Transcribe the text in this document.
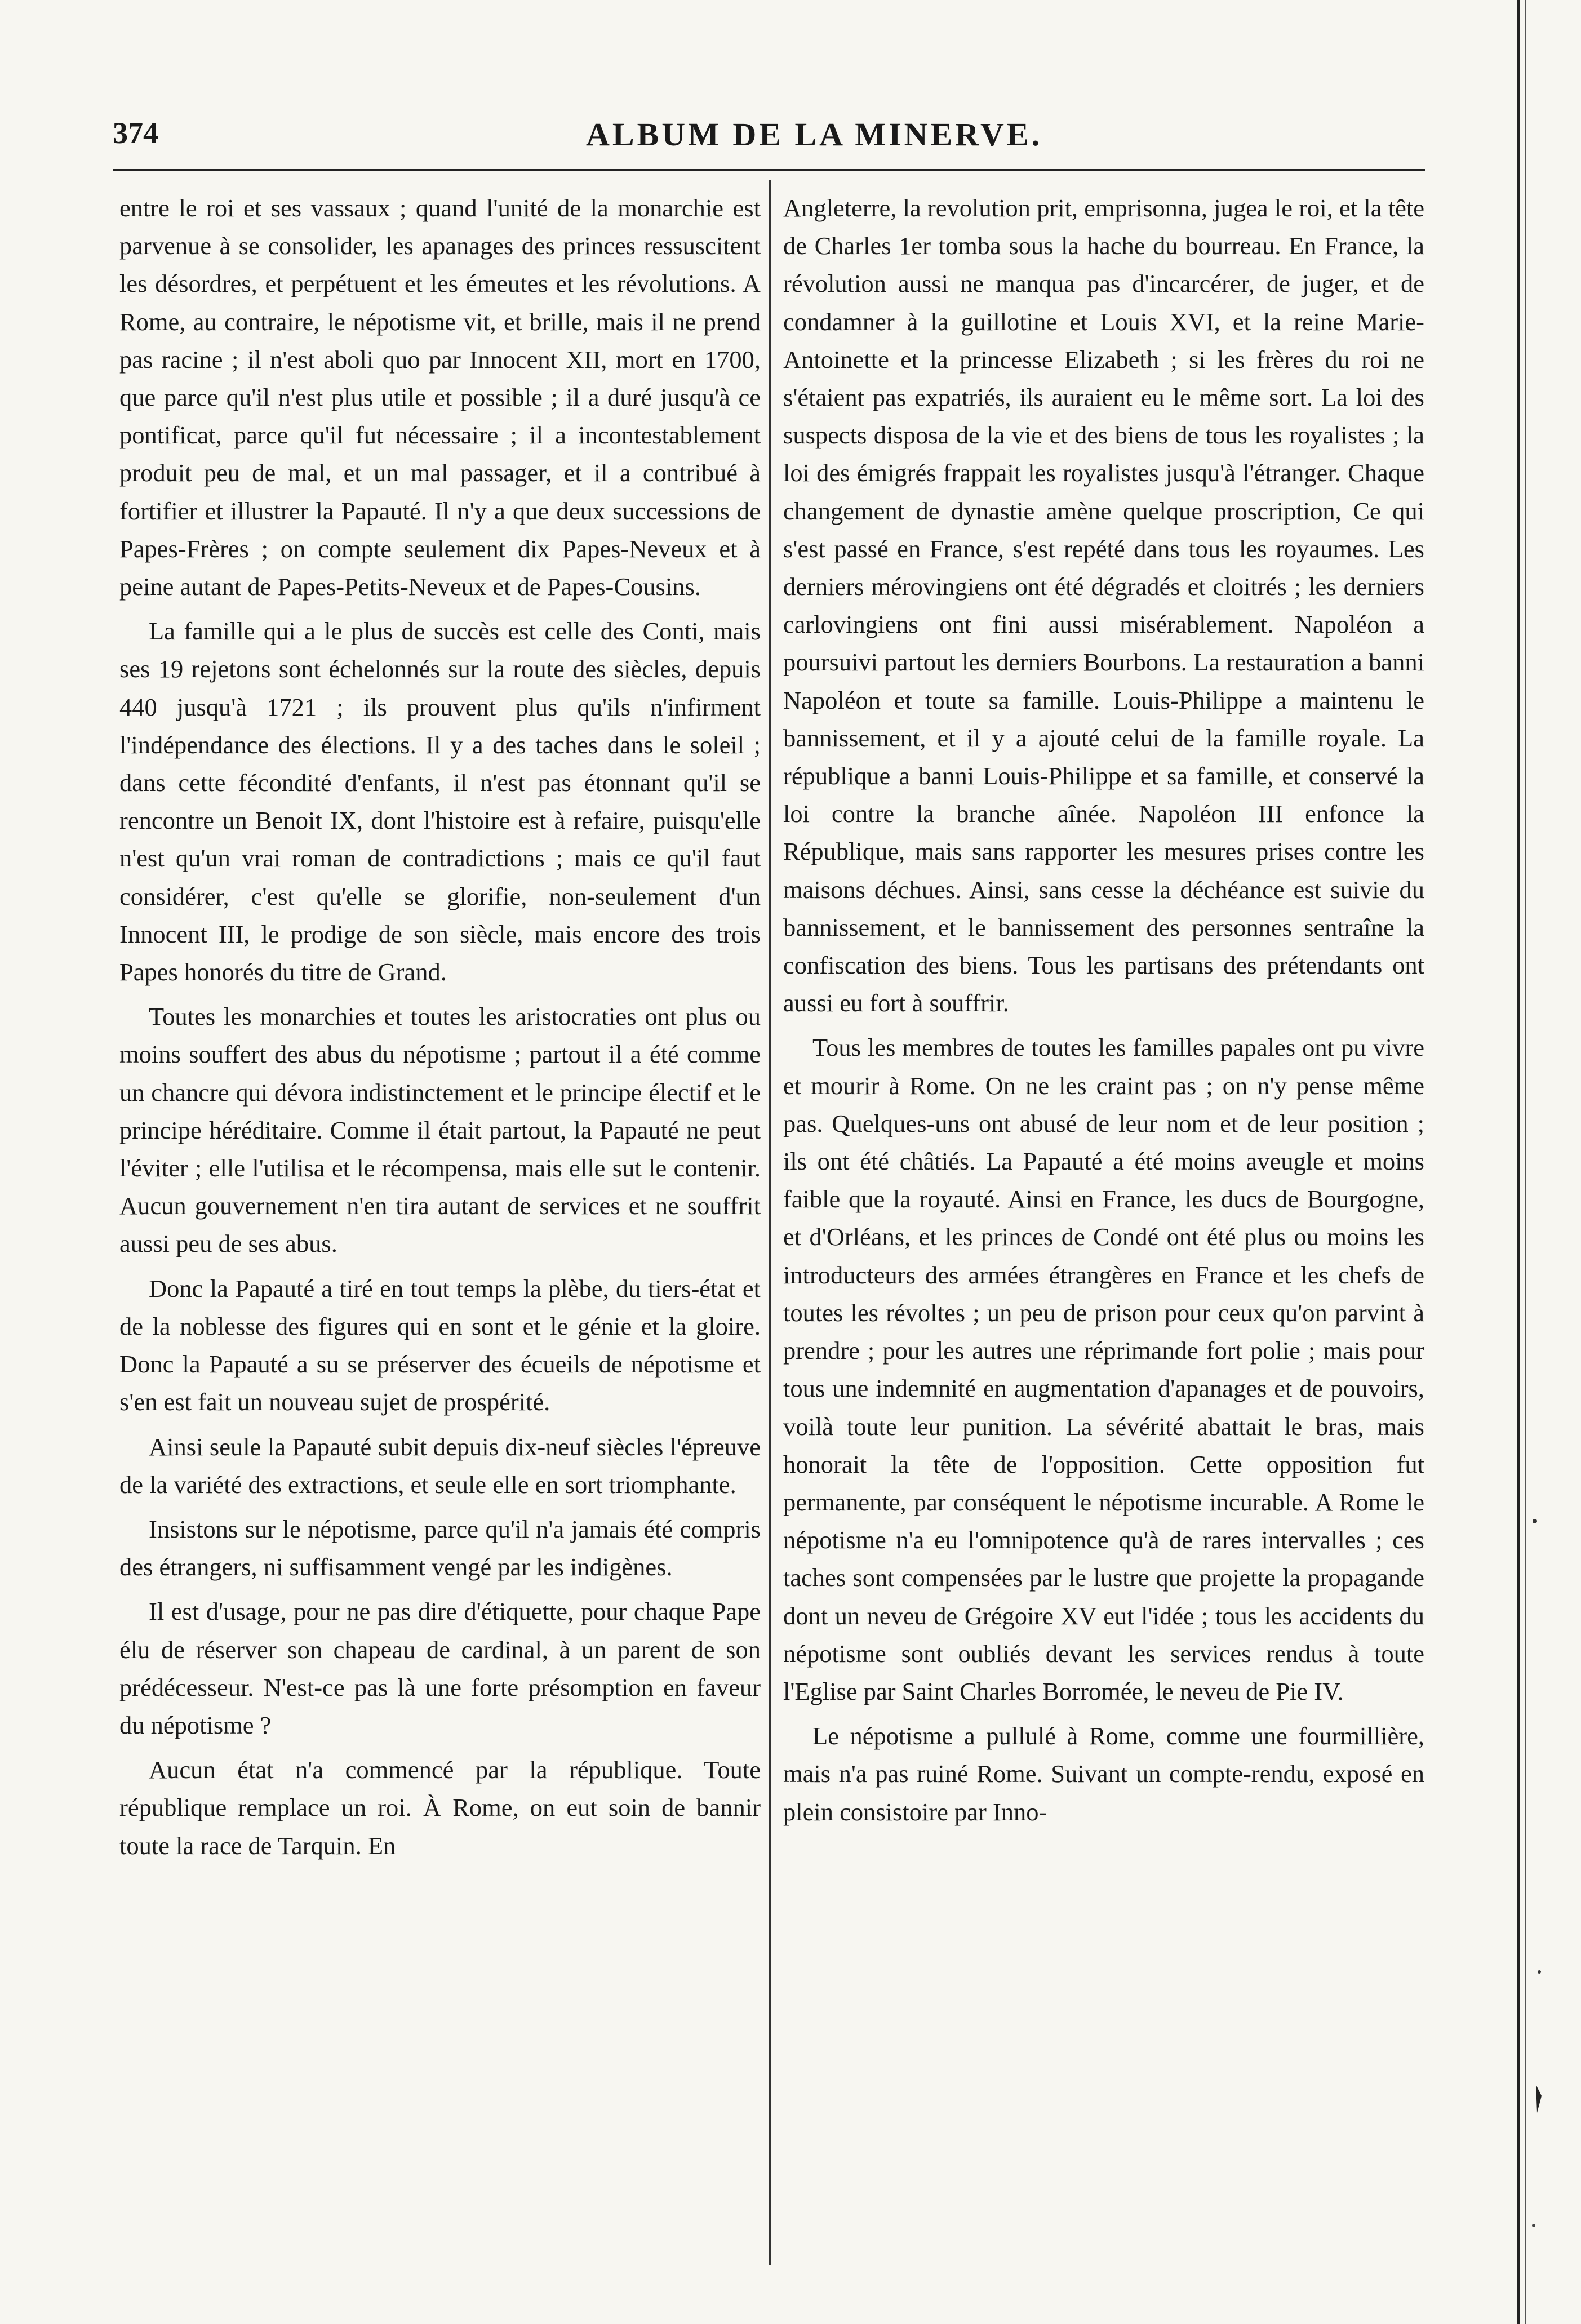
374	ALBUM DE LA MINERVE.

entre le roi et ses vassaux ; quand l'unité de la monarchie est parvenue à se consolider, les apanages des princes ressuscitent les désordres, et perpétuent et les émeutes et les révolutions. A Rome, au contraire, le népotisme vit, et brille, mais il ne prend pas racine ; il n'est aboli quo par Innocent XII, mort en 1700, que parce qu'il n'est plus utile et possible ; il a duré jusqu'à ce pontificat, parce qu'il fut nécessaire ; il a incontestablement produit peu de mal, et un mal passager, et il a contribué à fortifier et illustrer la Papauté. Il n'y a que deux successions de Papes-Frères ; on compte seulement dix Papes-Neveux et à peine autant de Papes-Petits-Neveux et de Papes-Cousins.

La famille qui a le plus de succès est celle des Conti, mais ses 19 rejetons sont échelonnés sur la route des siècles, depuis 440 jusqu'à 1721 ; ils prouvent plus qu'ils n'infirment l'indépendance des élections. Il y a des taches dans le soleil ; dans cette fécondité d'enfants, il n'est pas étonnant qu'il se rencontre un Benoit IX, dont l'histoire est à refaire, puisqu'elle n'est qu'un vrai roman de contradictions ; mais ce qu'il faut considérer, c'est qu'elle se glorifie, non-seulement d'un Innocent III, le prodige de son siècle, mais encore des trois Papes honorés du titre de Grand.

Toutes les monarchies et toutes les aristocraties ont plus ou moins souffert des abus du népotisme ; partout il a été comme un chancre qui dévora indistinctement et le principe électif et le principe héréditaire. Comme il était partout, la Papauté ne peut l'éviter ; elle l'utilisa et le récompensa, mais elle sut le contenir. Aucun gouvernement n'en tira autant de services et ne souffrit aussi peu de ses abus.

Donc la Papauté a tiré en tout temps la plèbe, du tiers-état et de la noblesse des figures qui en sont et le génie et la gloire. Donc la Papauté a su se préserver des écueils de népotisme et s'en est fait un nouveau sujet de prospérité.

Ainsi seule la Papauté subit depuis dix-neuf siècles l'épreuve de la variété des extractions, et seule elle en sort triomphante.

Insistons sur le népotisme, parce qu'il n'a jamais été compris des étrangers, ni suffisamment vengé par les indigènes.

Il est d'usage, pour ne pas dire d'étiquette, pour chaque Pape élu de réserver son chapeau de cardinal, à un parent de son prédécesseur. N'est-ce pas là une forte présomption en faveur du népotisme ?

Aucun état n'a commencé par la république. Toute république remplace un roi. À Rome, on eut soin de bannir toute la race de Tarquin. En

Angleterre, la revolution prit, emprisonna, jugea le roi, et la tête de Charles 1er tomba sous la hache du bourreau. En France, la révolution aussi ne manqua pas d'incarcérer, de juger, et de condamner à la guillotine et Louis XVI, et la reine Marie-Antoinette et la princesse Elizabeth ; si les frères du roi ne s'étaient pas expatriés, ils auraient eu le même sort. La loi des suspects disposa de la vie et des biens de tous les royalistes ; la loi des émigrés frappait les royalistes jusqu'à l'étranger. Chaque changement de dynastie amène quelque proscription, Ce qui s'est passé en France, s'est repété dans tous les royaumes. Les derniers mérovingiens ont été dégradés et cloitrés ; les derniers carlovingiens ont fini aussi misérablement. Napoléon a poursuivi partout les derniers Bourbons. La restauration a banni Napoléon et toute sa famille. Louis-Philippe a maintenu le bannissement, et il y a ajouté celui de la famille royale. La république a banni Louis-Philippe et sa famille, et conservé la loi contre la branche aînée. Napoléon III enfonce la République, mais sans rapporter les mesures prises contre les maisons déchues. Ainsi, sans cesse la déchéance est suivie du bannissement, et le bannissement des personnes sentraîne la confiscation des biens. Tous les partisans des prétendants ont aussi eu fort à souffrir.

Tous les membres de toutes les familles papales ont pu vivre et mourir à Rome. On ne les craint pas ; on n'y pense même pas. Quelques-uns ont abusé de leur nom et de leur position ; ils ont été châtiés. La Papauté a été moins aveugle et moins faible que la royauté. Ainsi en France, les ducs de Bourgogne, et d'Orléans, et les princes de Condé ont été plus ou moins les introducteurs des armées étrangères en France et les chefs de toutes les révoltes ; un peu de prison pour ceux qu'on parvint à prendre ; pour les autres une réprimande fort polie ; mais pour tous une indemnité en augmentation d'apanages et de pouvoirs, voilà toute leur punition. La sévérité abattait le bras, mais honorait la tête de l'opposition. Cette opposition fut permanente, par conséquent le népotisme incurable. A Rome le népotisme n'a eu l'omnipotence qu'à de rares intervalles ; ces taches sont compensées par le lustre que projette la propagande dont un neveu de Grégoire XV eut l'idée ; tous les accidents du népotisme sont oubliés devant les services rendus à toute l'Eglise par Saint Charles Borromée, le neveu de Pie IV.

Le népotisme a pullulé à Rome, comme une fourmillière, mais n'a pas ruiné Rome. Suivant un compte-rendu, exposé en plein consistoire par Inno-
